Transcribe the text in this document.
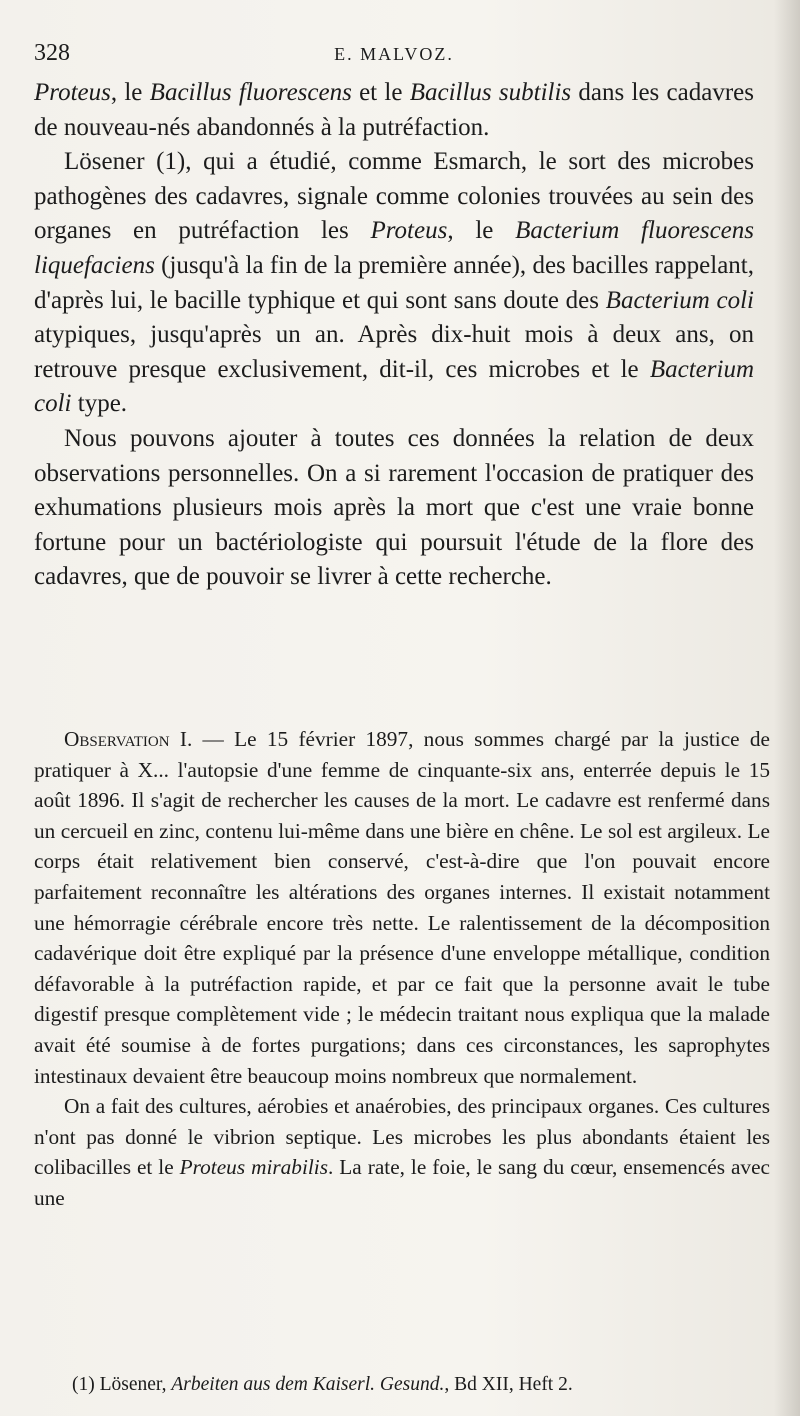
328	E. MALVOZ.

Proteus, le Bacillus fluorescens et le Bacillus subtilis dans les cadavres de nouveau-nés abandonnés à la putréfaction.

Lösener (1), qui a étudié, comme Esmarch, le sort des microbes pathogènes des cadavres, signale comme colonies trouvées au sein des organes en putréfaction les Proteus, le Bacterium fluorescens liquefaciens (jusqu'à la fin de la première année), des bacilles rappelant, d'après lui, le bacille typhique et qui sont sans doute des Bacterium coli atypiques, jusqu'après un an. Après dix-huit mois à deux ans, on retrouve presque exclusivement, dit-il, ces microbes et le Bacterium coli type.

Nous pouvons ajouter à toutes ces données la relation de deux observations personnelles. On a si rarement l'occasion de pratiquer des exhumations plusieurs mois après la mort que c'est une vraie bonne fortune pour un bactériologiste qui poursuit l'étude de la flore des cadavres, que de pouvoir se livrer à cette recherche.

Observation I. — Le 15 février 1897, nous sommes chargé par la justice de pratiquer à X... l'autopsie d'une femme de cinquante-six ans, enterrée depuis le 15 août 1896. Il s'agit de rechercher les causes de la mort. Le cadavre est renfermé dans un cercueil en zinc, contenu lui-même dans une bière en chêne. Le sol est argileux. Le corps était relativement bien conservé, c'est-à-dire que l'on pouvait encore parfaitement reconnaître les altérations des organes internes. Il existait notamment une hémorragie cérébrale encore très nette. Le ralentissement de la décomposition cadavérique doit être expliqué par la présence d'une enveloppe métallique, condition défavorable à la putréfaction rapide, et par ce fait que la personne avait le tube digestif presque complètement vide ; le médecin traitant nous expliqua que la malade avait été soumise à de fortes purgations; dans ces circonstances, les saprophytes intestinaux devaient être beaucoup moins nombreux que normalement.

On a fait des cultures, aérobies et anaérobies, des principaux organes. Ces cultures n'ont pas donné le vibrion septique. Les microbes les plus abondants étaient les colibacilles et le Proteus mirabilis. La rate, le foie, le sang du cœur, ensemencés avec une

(1) Lösener, Arbeiten aus dem Kaiserl. Gesund., Bd XII, Heft 2.
